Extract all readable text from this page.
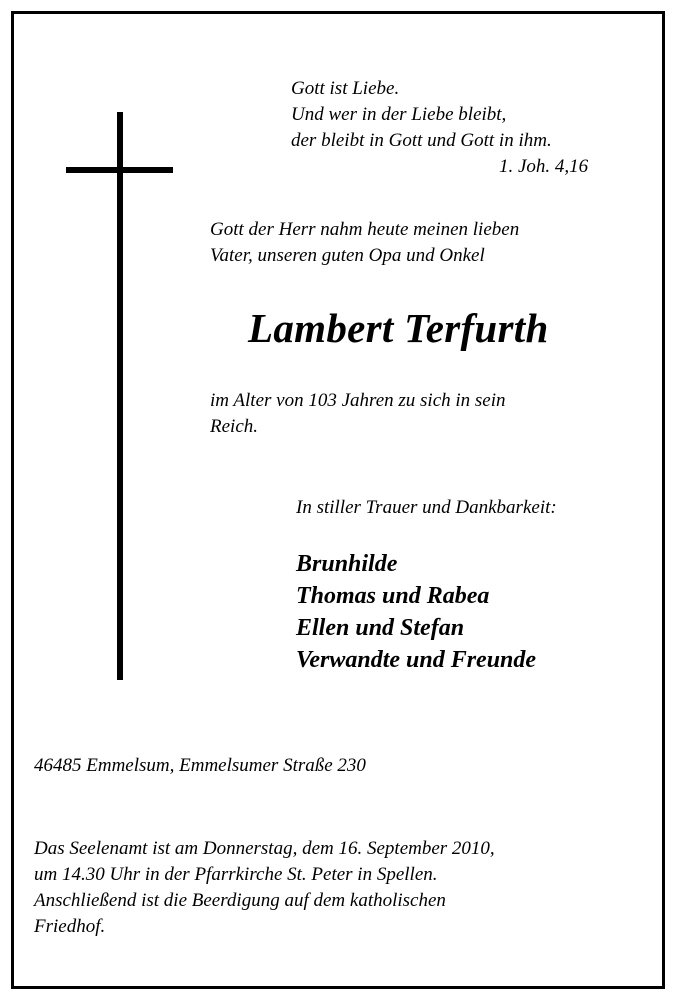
Gott ist Liebe.
Und wer in der Liebe bleibt,
der bleibt in Gott und Gott in ihm.
1. Joh. 4,16
Gott der Herr nahm heute meinen lieben
Vater, unseren guten Opa und Onkel
Lambert Terfurth
im Alter von 103 Jahren zu sich in sein
Reich.
In stiller Trauer und Dankbarkeit:
Brunhilde
Thomas und Rabea
Ellen und Stefan
Verwandte und Freunde
46485 Emmelsum, Emmelsumer Straße 230
Das Seelenamt ist am Donnerstag, dem 16. September 2010,
um 14.30 Uhr in der Pfarrkirche St. Peter in Spellen.
Anschließend ist die Beerdigung auf dem katholischen
Friedhof.
